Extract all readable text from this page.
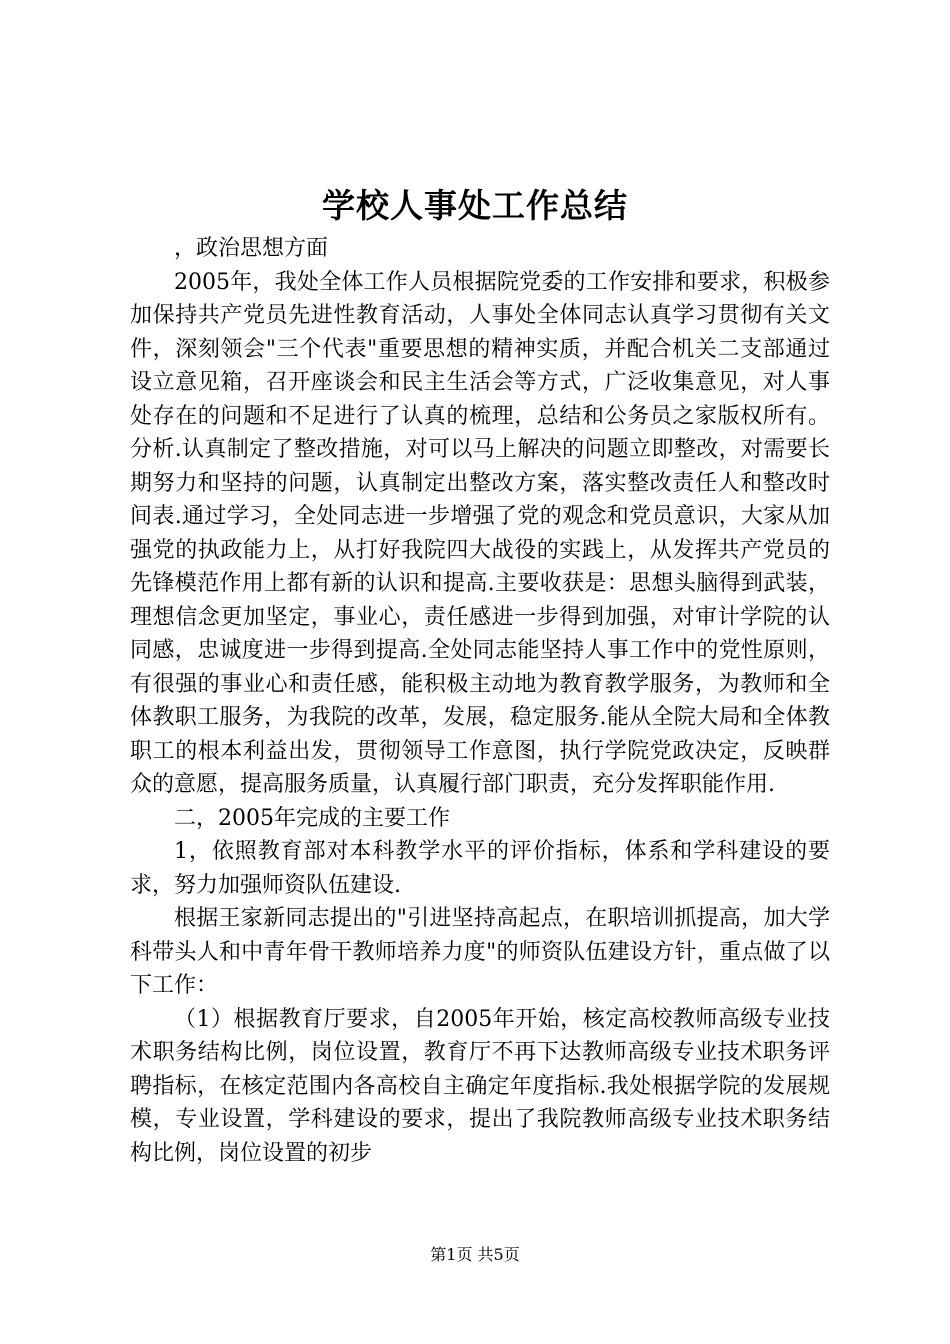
学校人事处工作总结

，政治思想方面

2005年，我处全体工作人员根据院党委的工作安排和要求，积极参加保持共产党员先进性教育活动，人事处全体同志认真学习贯彻有关文件，深刻领会"三个代表"重要思想的精神实质，并配合机关二支部通过设立意见箱，召开座谈会和民主生活会等方式，广泛收集意见，对人事处存在的问题和不足进行了认真的梳理，总结和公务员之家版权所有。分析.认真制定了整改措施，对可以马上解决的问题立即整改，对需要长期努力和坚持的问题，认真制定出整改方案，落实整改责任人和整改时间表.通过学习，全处同志进一步增强了党的观念和党员意识，大家从加强党的执政能力上，从打好我院四大战役的实践上，从发挥共产党员的先锋模范作用上都有新的认识和提高.主要收获是：思想头脑得到武装，理想信念更加坚定，事业心，责任感进一步得到加强，对审计学院的认同感，忠诚度进一步得到提高.全处同志能坚持人事工作中的党性原则，有很强的事业心和责任感，能积极主动地为教育教学服务，为教师和全体教职工服务，为我院的改革，发展，稳定服务.能从全院大局和全体教职工的根本利益出发，贯彻领导工作意图，执行学院党政决定，反映群众的意愿，提高服务质量，认真履行部门职责，充分发挥职能作用.

二，2005年完成的主要工作

1，依照教育部对本科教学水平的评价指标，体系和学科建设的要求，努力加强师资队伍建设.

根据王家新同志提出的"引进坚持高起点，在职培训抓提高，加大学科带头人和中青年骨干教师培养力度"的师资队伍建设方针，重点做了以下工作：

（1）根据教育厅要求，自2005年开始，核定高校教师高级专业技术职务结构比例，岗位设置，教育厅不再下达教师高级专业技术职务评聘指标，在核定范围内各高校自主确定年度指标.我处根据学院的发展规模，专业设置，学科建设的要求，提出了我院教师高级专业技术职务结构比例，岗位设置的初步

第1页 共5页
